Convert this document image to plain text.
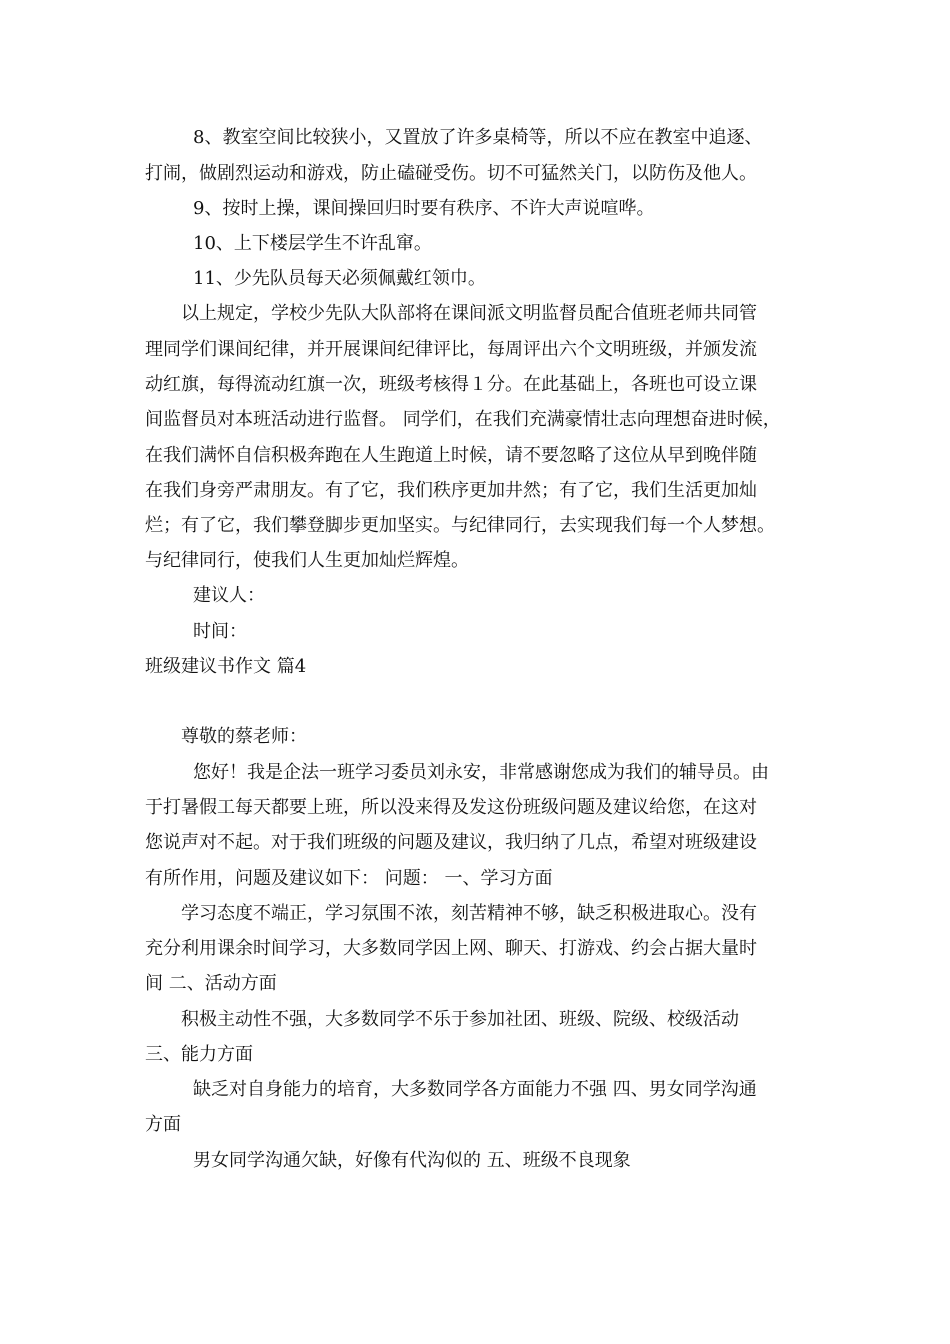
8、教室空间比较狭小，又置放了许多桌椅等，所以不应在教室中追逐、
打闹，做剧烈运动和游戏，防止磕碰受伤。切不可猛然关门，以防伤及他人。
9、按时上操，课间操回归时要有秩序、不许大声说喧哗。
10、上下楼层学生不许乱窜。
11、少先队员每天必须佩戴红领巾。
以上规定，学校少先队大队部将在课间派文明监督员配合值班老师共同管
理同学们课间纪律，并开展课间纪律评比，每周评出六个文明班级，并颁发流
动红旗，每得流动红旗一次，班级考核得１分。在此基础上，各班也可设立课
间监督员对本班活动进行监督。 同学们，在我们充满豪情壮志向理想奋进时候，
在我们满怀自信积极奔跑在人生跑道上时候，请不要忽略了这位从早到晚伴随
在我们身旁严肃朋友。有了它，我们秩序更加井然；有了它，我们生活更加灿
烂；有了它，我们攀登脚步更加坚实。与纪律同行，去实现我们每一个人梦想。
与纪律同行，使我们人生更加灿烂辉煌。
建议人：
时间：
班级建议书作文 篇4
尊敬的蔡老师：
您好！我是企法一班学习委员刘永安，非常感谢您成为我们的辅导员。由
于打暑假工每天都要上班，所以没来得及发这份班级问题及建议给您，在这对
您说声对不起。对于我们班级的问题及建议，我归纳了几点，希望对班级建设
有所作用，问题及建议如下： 问题： 一、学习方面
学习态度不端正，学习氛围不浓，刻苦精神不够，缺乏积极进取心。没有
充分利用课余时间学习，大多数同学因上网、聊天、打游戏、约会占据大量时
间 二、活动方面
积极主动性不强，大多数同学不乐于参加社团、班级、院级、校级活动
三、能力方面
缺乏对自身能力的培育，大多数同学各方面能力不强 四、男女同学沟通
方面
男女同学沟通欠缺，好像有代沟似的 五、班级不良现象
